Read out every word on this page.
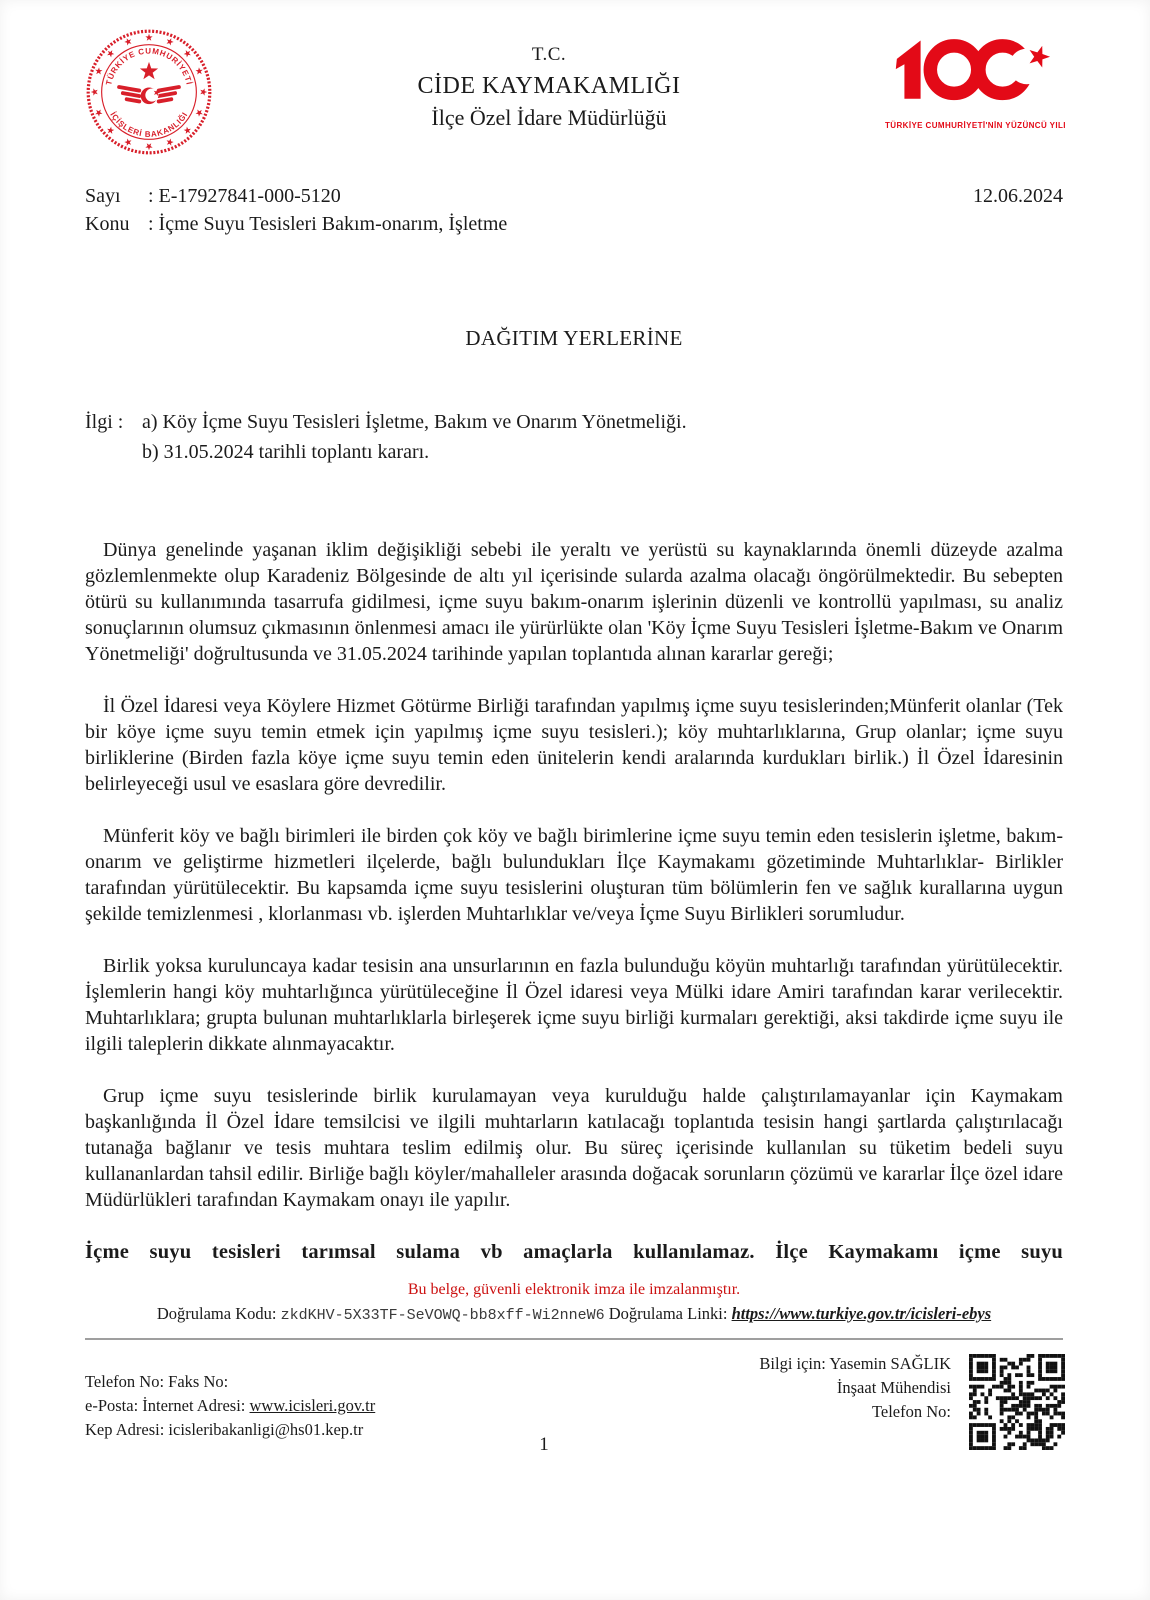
TÜRKİYE CUMHURİYETİ
İÇİŞLERİ BAKANLIĞI
T.C.
CİDE KAYMAKAMLIĞI
İlçe Özel İdare Müdürlüğü	TÜRKİYE CUMHURİYETİ'NİN YÜZÜNCÜ YILI
Sayı	: E-17927841-000-5120
Konu : İçme Suyu Tesisleri Bakım-onarım, İşletme
12.06.2024
DAĞITIM YERLERİNE
İlgi : a) Köy İçme Suyu Tesisleri İşletme, Bakım ve Onarım Yönetmeliği.
b) 31.05.2024 tarihli toplantı kararı.

Dünya genelinde yaşanan iklim değişikliği sebebi ile yeraltı ve yerüstü su kaynaklarında önemli düzeyde azalma gözlemlenmekte olup Karadeniz Bölgesinde de altı yıl içerisinde sularda azalma olacağı öngörülmektedir. Bu sebepten ötürü su kullanımında tasarrufa gidilmesi, içme suyu bakım-onarım işlerinin düzenli ve kontrollü yapılması, su analiz sonuçlarının olumsuz çıkmasının önlenmesi amacı ile yürürlükte olan 'Köy İçme Suyu Tesisleri İşletme-Bakım ve Onarım Yönetmeliği' doğrultusunda ve 31.05.2024 tarihinde yapılan toplantıda alınan kararlar gereği;

İl Özel İdaresi veya Köylere Hizmet Götürme Birliği tarafından yapılmış içme suyu tesislerinden;Münferit olanlar (Tek bir köye içme suyu temin etmek için yapılmış içme suyu tesisleri.); köy muhtarlıklarına, Grup olanlar; içme suyu birliklerine (Birden fazla köye içme suyu temin eden ünitelerin kendi aralarında kurdukları birlik.) İl Özel İdaresinin belirleyeceği usul ve esaslara göre devredilir.

Münferit köy ve bağlı birimleri ile birden çok köy ve bağlı birimlerine içme suyu temin eden tesislerin işletme, bakım- onarım ve geliştirme hizmetleri ilçelerde, bağlı bulundukları İlçe Kaymakamı gözetiminde Muhtarlıklar- Birlikler tarafından yürütülecektir. Bu kapsamda içme suyu tesislerini oluşturan tüm bölümlerin fen ve sağlık kurallarına uygun şekilde temizlenmesi , klorlanması vb. işlerden Muhtarlıklar ve/veya İçme Suyu Birlikleri sorumludur.

Birlik yoksa kuruluncaya kadar tesisin ana unsurlarının en fazla bulunduğu köyün muhtarlığı tarafından yürütülecektir. İşlemlerin hangi köy muhtarlığınca yürütüleceğine İl Özel idaresi veya Mülki idare Amiri tarafından karar verilecektir. Muhtarlıklara; grupta bulunan muhtarlıklarla birleşerek içme suyu birliği kurmaları gerektiği, aksi takdirde içme suyu ile ilgili taleplerin dikkate alınmayacaktır.

Grup içme suyu tesislerinde birlik kurulamayan veya kurulduğu halde çalıştırılamayanlar için Kaymakam başkanlığında İl Özel İdare temsilcisi ve ilgili muhtarların katılacağı toplantıda tesisin hangi şartlarda çalıştırılacağı tutanağa bağlanır ve tesis muhtara teslim edilmiş olur. Bu süreç içerisinde kullanılan su tüketim bedeli suyu kullananlardan tahsil edilir. Birliğe bağlı köyler/mahalleler arasında doğacak sorunların çözümü ve kararlar İlçe özel idare Müdürlükleri tarafından Kaymakam onayı ile yapılır.

İçme suyu tesisleri tarımsal sulama vb amaçlarla kullanılamaz. İlçe Kaymakamı içme suyu
Bu belge, güvenli elektronik imza ile imzalanmıştır.
Doğrulama Kodu: zkdKHV-5X33TF-SeVOWQ-bb8xff-Wi2nneW6 Doğrulama Linki: https://www.turkiye.gov.tr/icisleri-ebys
Telefon No: Faks No:
e-Posta: İnternet Adresi: www.icisleri.gov.tr
Kep Adresi: icisleribakanligi@hs01.kep.tr
Bilgi için: Yasemin SAĞLIK
İnşaat Mühendisi
Telefon No:
1
